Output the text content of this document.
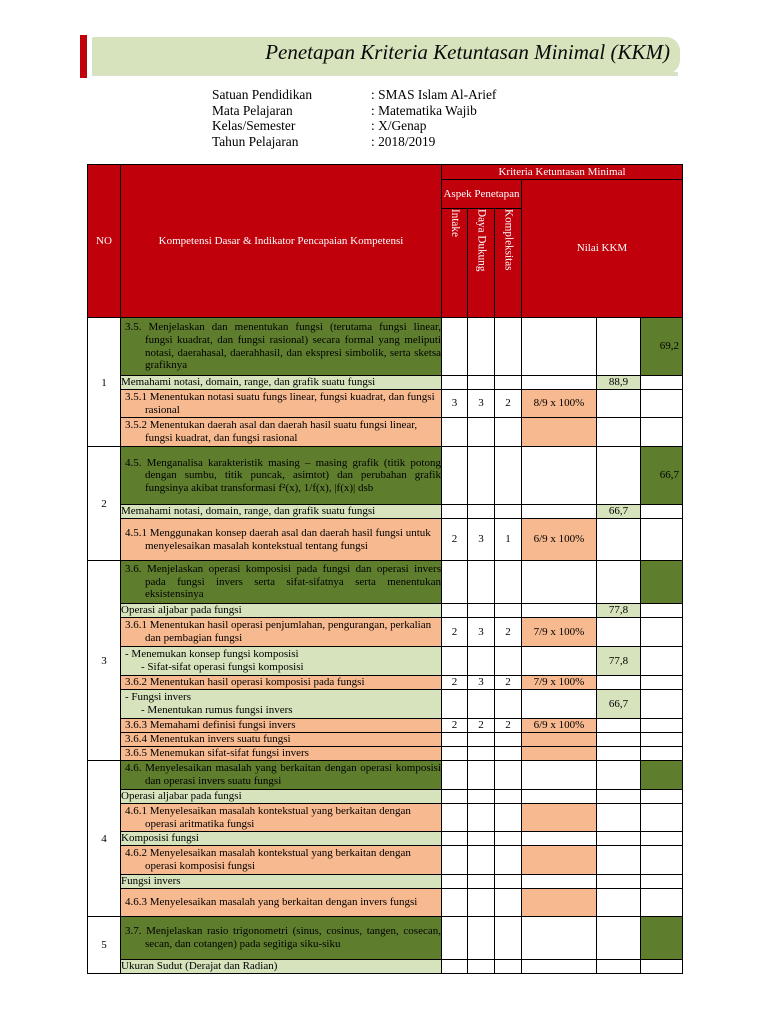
Penetapan Kriteria Ketuntasan Minimal (KKM)
Satuan Pendidikan	: SMAS Islam Al-Arief
Mata Pelajaran	: Matematika Wajib
Kelas/Semester	: X/Genap
Tahun Pelajaran	: 2018/2019
NO	Kompetensi Dasar & Indikator Pencapaian Kompetensi	Kriteria Ketuntasan Minimal					
		Aspek Penetapan			Nilai KKM		
		Intake	Daya Dukung	Kompleksitas			
1	3.5. Menjelaskan dan menentukan fungsi (terutama fungsi linear, fungsi kuadrat, dan fungsi rasional) secara formal yang meliputi notasi, daerahasal, daerahhasil, dan ekspresi simbolik, serta sketsa grafiknya						69,2
	Memahami notasi, domain, range, dan grafik suatu fungsi					88,9	
	3.5.1 Menentukan notasi suatu fungs linear, fungsi kuadrat, dan fungsi rasional	3	3	2	8/9 x 100%		
	3.5.2 Menentukan daerah asal dan daerah hasil suatu fungsi linear, fungsi kuadrat, dan fungsi rasional						
2	4.5. Menganalisa karakteristik masing – masing grafik (titik potong dengan sumbu, titik puncak, asimtot) dan perubahan grafik fungsinya akibat transformasi f²(x), 1/f(x), |f(x)| dsb						66,7
	Memahami notasi, domain, range, dan grafik suatu fungsi					66,7	
	4.5.1 Menggunakan konsep daerah asal dan daerah hasil fungsi untuk menyelesaikan masalah kontekstual tentang fungsi	2	3	1	6/9 x 100%		
3	3.6. Menjelaskan operasi komposisi pada fungsi dan operasi invers pada fungsi invers serta sifat-sifatnya serta menentukan eksistensinya						
	Operasi aljabar pada fungsi					77,8	
	3.6.1 Menentukan hasil operasi penjumlahan, pengurangan, perkalian dan pembagian fungsi	2	3	2	7/9 x 100%		
	- Menemukan konsep fungsi komposisi
- Sifat-sifat operasi fungsi komposisi					77,8	
	3.6.2 Menentukan hasil operasi komposisi pada fungsi	2	3	2	7/9 x 100%		
	- Fungsi invers
- Menentukan rumus fungsi invers					66,7	
	3.6.3 Memahami definisi fungsi invers	2	2	2	6/9 x 100%		
	3.6.4 Menentukan invers suatu fungsi						
	3.6.5 Menemukan sifat-sifat fungsi invers						
4	4.6. Menyelesaikan masalah yang berkaitan dengan operasi komposisi dan operasi invers suatu fungsi						
	Operasi aljabar pada fungsi						
	4.6.1 Menyelesaikan masalah kontekstual yang berkaitan dengan operasi aritmatika fungsi						
	Komposisi fungsi						
	4.6.2 Menyelesaikan masalah kontekstual yang berkaitan dengan operasi komposisi fungsi						
	Fungsi invers						
	4.6.3 Menyelesaikan masalah yang berkaitan dengan invers fungsi						
5	3.7. Menjelaskan rasio trigonometri (sinus, cosinus, tangen, cosecan, secan, dan cotangen) pada segitiga siku-siku						
	Ukuran Sudut (Derajat dan Radian)						
